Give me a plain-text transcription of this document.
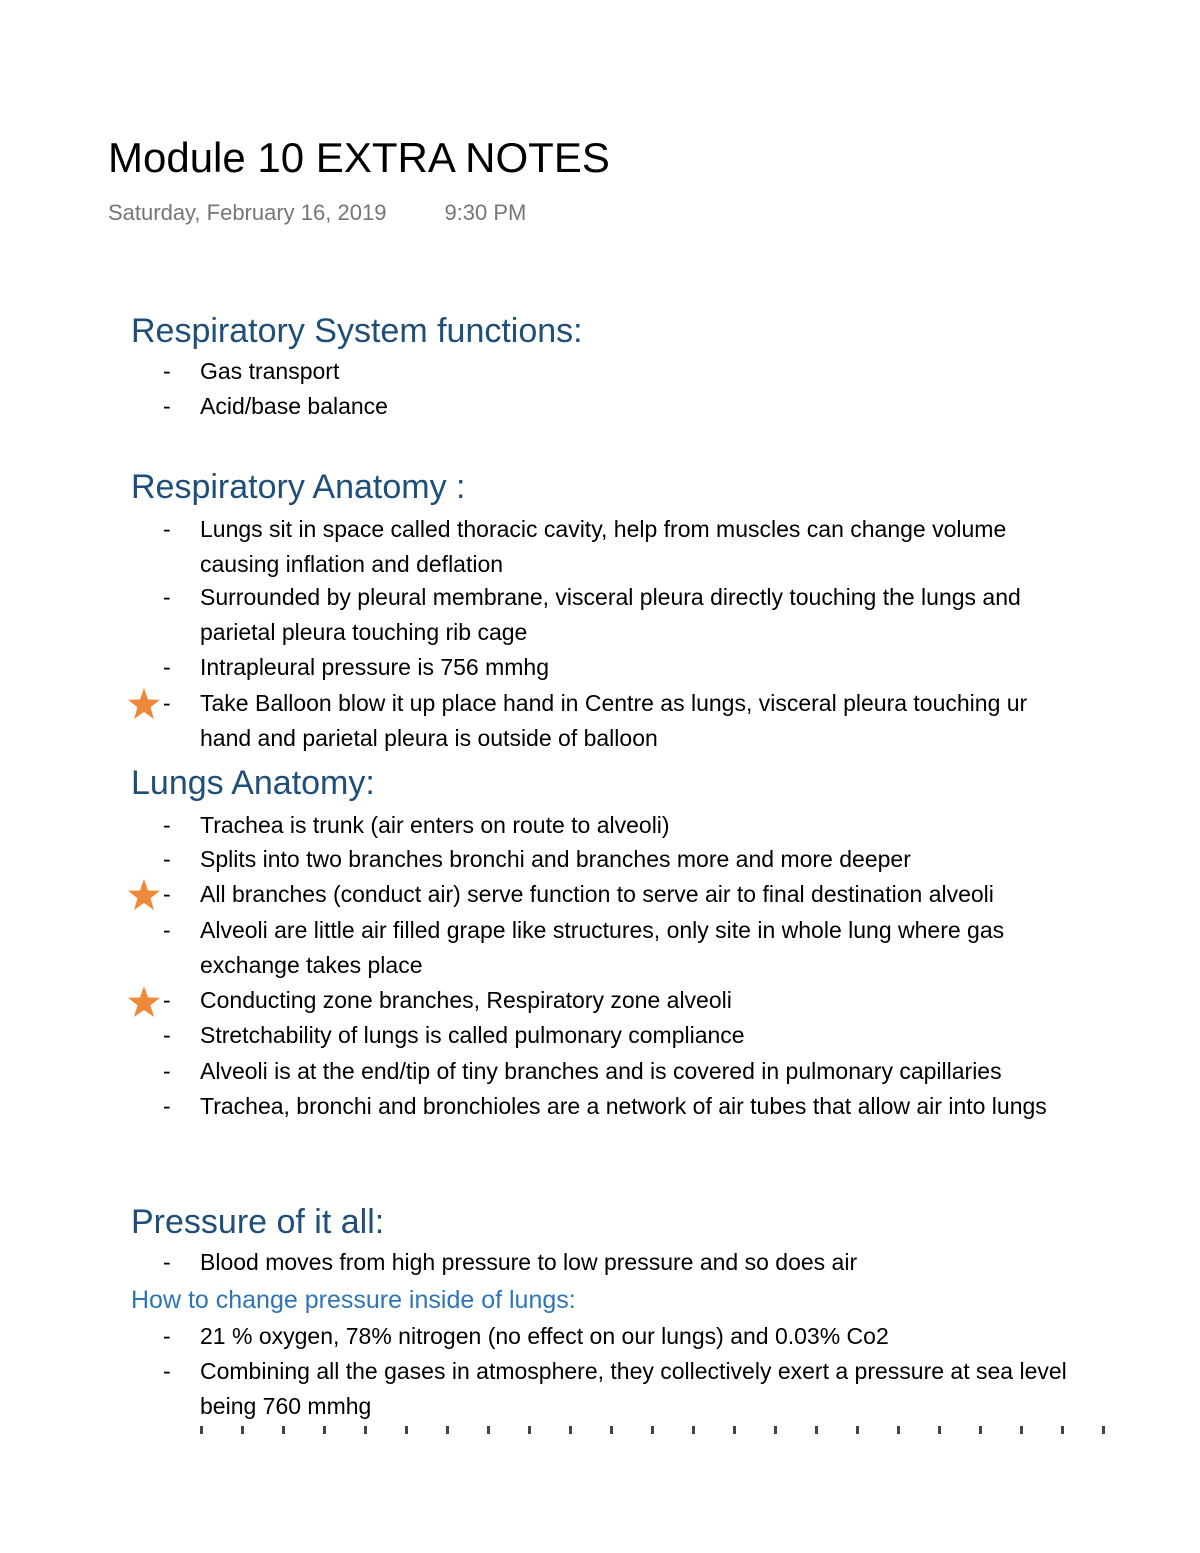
Module 10 EXTRA NOTES
Saturday, February 16, 2019	9:30 PM
Respiratory System functions:
- Gas transport
- Acid/base balance
Respiratory Anatomy :
- Lungs sit in space called thoracic cavity, help from muscles can change volume
causing inflation and deflation
- Surrounded by pleural membrane, visceral pleura directly touching the lungs and
parietal pleura touching rib cage
- Intrapleural pressure is 756 mmhg
- Take Balloon blow it up place hand in Centre as lungs, visceral pleura touching ur
hand and parietal pleura is outside of balloon
Lungs Anatomy:
- Trachea is trunk (air enters on route to alveoli)
- Splits into two branches bronchi and branches more and more deeper
- All branches (conduct air) serve function to serve air to final destination alveoli
- Alveoli are little air filled grape like structures, only site in whole lung where gas
exchange takes place
- Conducting zone branches, Respiratory zone alveoli
- Stretchability of lungs is called pulmonary compliance
- Alveoli is at the end/tip of tiny branches and is covered in pulmonary capillaries
- Trachea, bronchi and bronchioles are a network of air tubes that allow air into lungs
Pressure of it all:
- Blood moves from high pressure to low pressure and so does air
How to change pressure inside of lungs:
- 21 % oxygen, 78% nitrogen (no effect on our lungs) and 0.03% Co2
- Combining all the gases in atmosphere, they collectively exert a pressure at sea level
being 760 mmhg
